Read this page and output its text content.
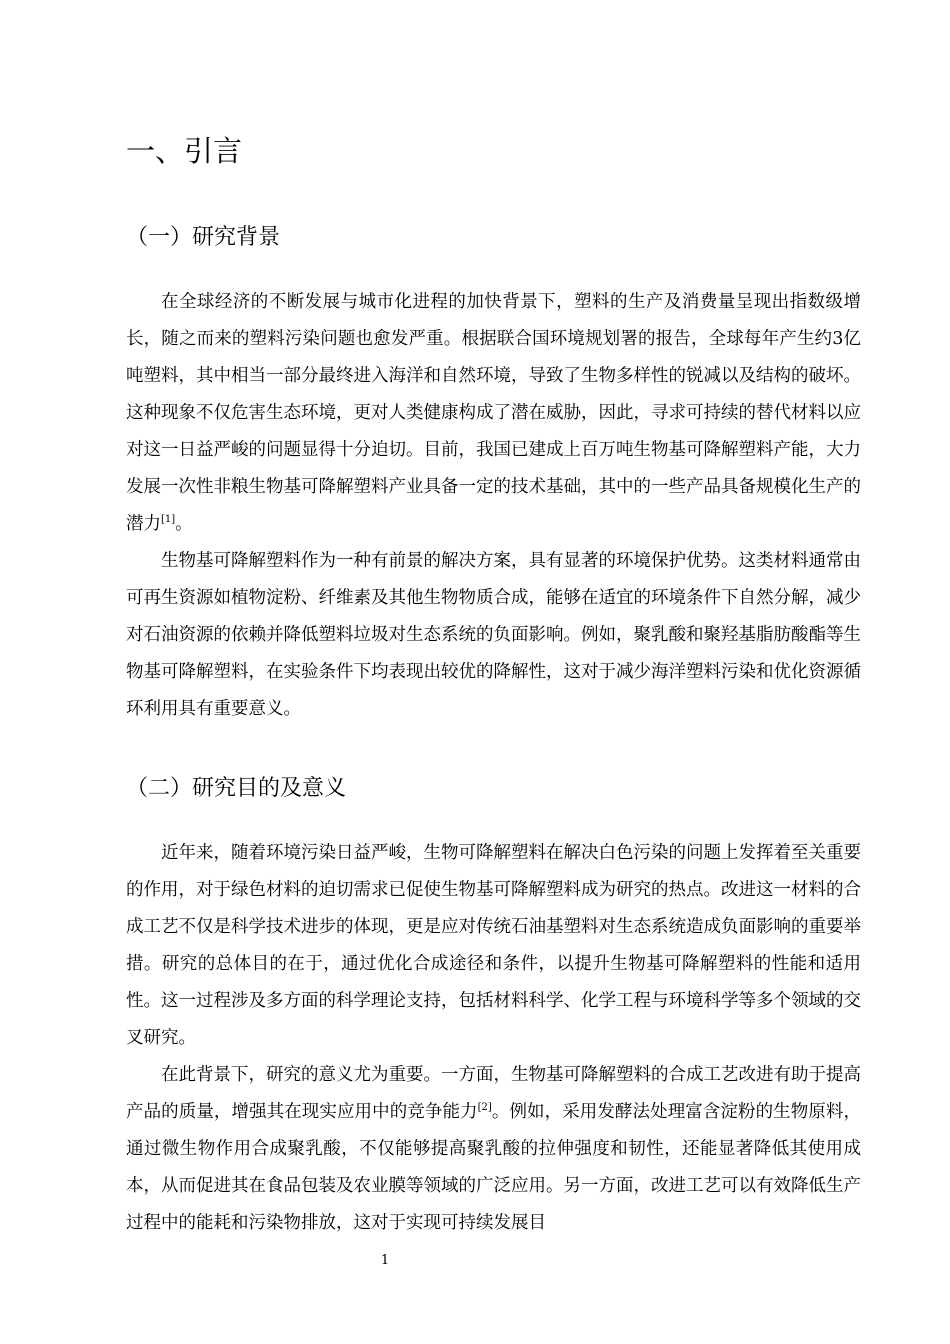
一、引言
（一）研究背景

在全球经济的不断发展与城市化进程的加快背景下，塑料的生产及消费量呈现出指数级增长，随之而来的塑料污染问题也愈发严重。根据联合国环境规划署的报告，全球每年产生约3亿吨塑料，其中相当一部分最终进入海洋和自然环境，导致了生物多样性的锐减以及结构的破坏。这种现象不仅危害生态环境，更对人类健康构成了潜在威胁，因此，寻求可持续的替代材料以应对这一日益严峻的问题显得十分迫切。目前，我国已建成上百万吨生物基可降解塑料产能，大力发展一次性非粮生物基可降解塑料产业具备一定的技术基础，其中的一些产品具备规模化生产的潜力[1]。

生物基可降解塑料作为一种有前景的解决方案，具有显著的环境保护优势。这类材料通常由可再生资源如植物淀粉、纤维素及其他生物物质合成，能够在适宜的环境条件下自然分解，减少对石油资源的依赖并降低塑料垃圾对生态系统的负面影响。例如，聚乳酸和聚羟基脂肪酸酯等生物基可降解塑料，在实验条件下均表现出较优的降解性，这对于减少海洋塑料污染和优化资源循环利用具有重要意义。

（二）研究目的及意义

近年来，随着环境污染日益严峻，生物可降解塑料在解决白色污染的问题上发挥着至关重要的作用，对于绿色材料的迫切需求已促使生物基可降解塑料成为研究的热点。改进这一材料的合成工艺不仅是科学技术进步的体现，更是应对传统石油基塑料对生态系统造成负面影响的重要举措。研究的总体目的在于，通过优化合成途径和条件，以提升生物基可降解塑料的性能和适用性。这一过程涉及多方面的科学理论支持，包括材料科学、化学工程与环境科学等多个领域的交叉研究。

在此背景下，研究的意义尤为重要。一方面，生物基可降解塑料的合成工艺改进有助于提高产品的质量，增强其在现实应用中的竞争能力[2]。例如，采用发酵法处理富含淀粉的生物原料，通过微生物作用合成聚乳酸，不仅能够提高聚乳酸的拉伸强度和韧性，还能显著降低其使用成本，从而促进其在食品包装及农业膜等领域的广泛应用。另一方面，改进工艺可以有效降低生产过程中的能耗和污染物排放，这对于实现可持续发展目

1
